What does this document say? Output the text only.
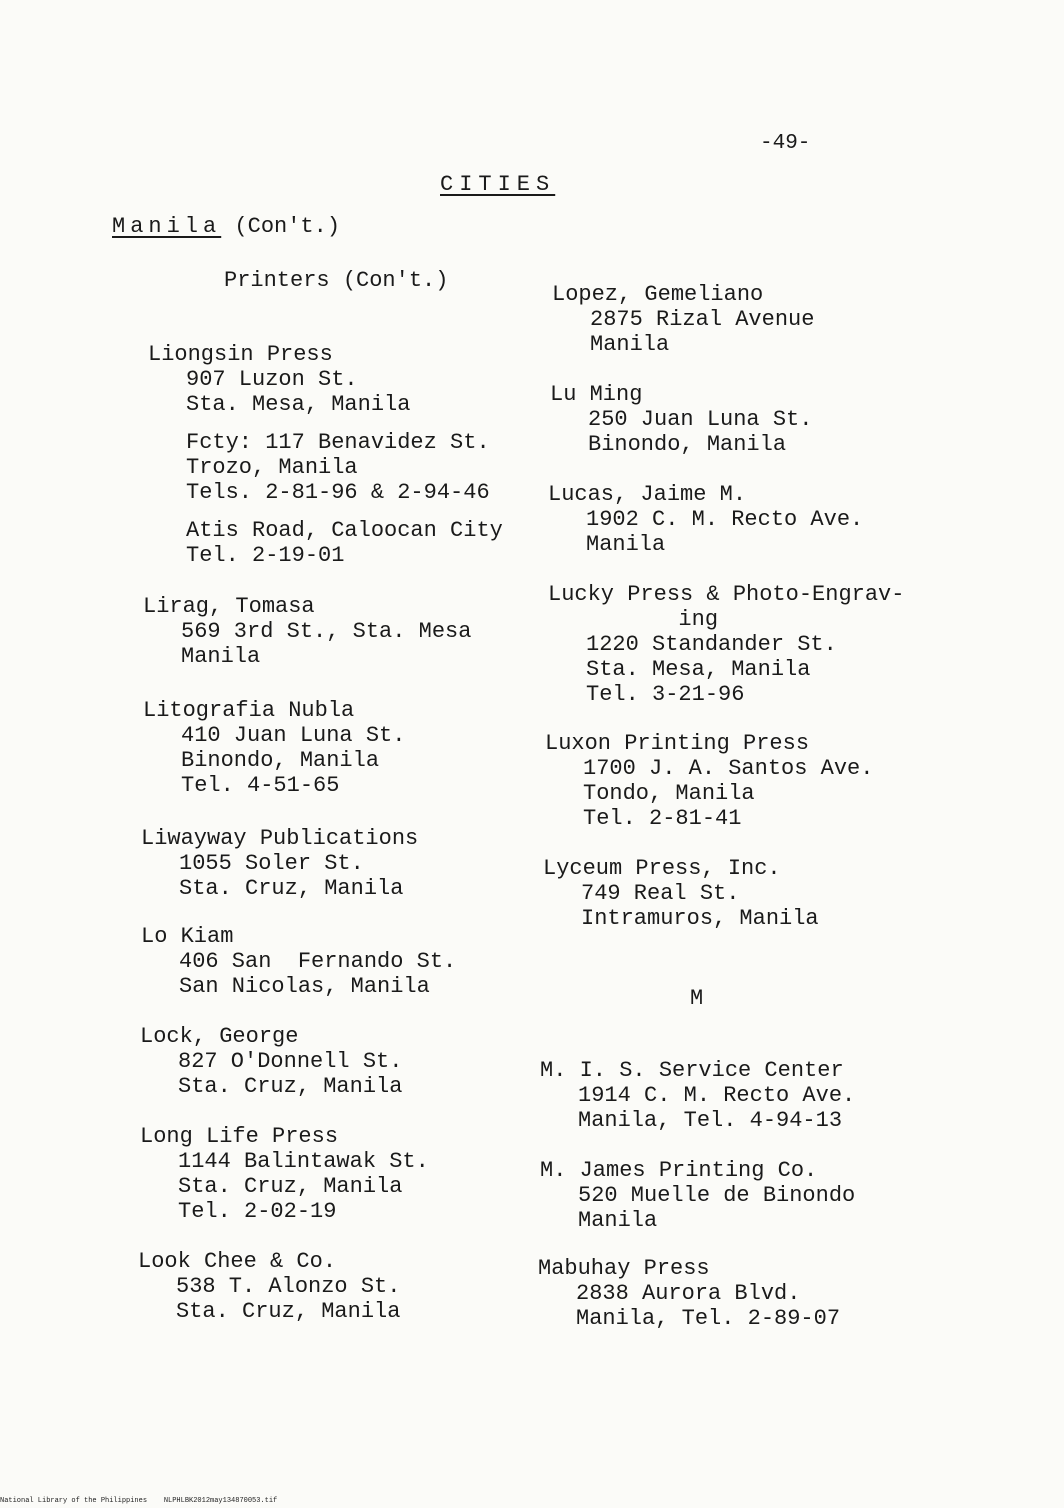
-49-
CITIES
Manila (Con't.)
Printers (Con't.)
Liongsin Press
907 Luzon St.
Sta. Mesa, Manila
Fcty: 117 Benavidez St.
Trozo, Manila
Tels. 2-81-96 & 2-94-46
Atis Road, Caloocan City
Tel. 2-19-01
Lirag, Tomasa
569 3rd St., Sta. Mesa
Manila
Litografia Nubla
410 Juan Luna St.
Binondo, Manila
Tel. 4-51-65
Liwayway Publications
1055 Soler St.
Sta. Cruz, Manila
Lo Kiam
406 San  Fernando St.
San Nicolas, Manila
Lock, George
827 O'Donnell St.
Sta. Cruz, Manila
Long Life Press
1144 Balintawak St.
Sta. Cruz, Manila
Tel. 2-02-19
Look Chee & Co.
538 T. Alonzo St.
Sta. Cruz, Manila
Lopez, Gemeliano
2875 Rizal Avenue
Manila
Lu Ming
250 Juan Luna St.
Binondo, Manila
Lucas, Jaime M.
1902 C. M. Recto Ave.
Manila
Lucky Press & Photo-Engrav-
ing
1220 Standander St.
Sta. Mesa, Manila
Tel. 3-21-96
Luxon Printing Press
1700 J. A. Santos Ave.
Tondo, Manila
Tel. 2-81-41
Lyceum Press, Inc.
749 Real St.
Intramuros, Manila
M
M. I. S. Service Center
1914 C. M. Recto Ave.
Manila, Tel. 4-94-13
M. James Printing Co.
520 Muelle de Binondo
Manila
Mabuhay Press
2838 Aurora Blvd.
Manila, Tel. 2-89-07
National Library of the Philippines    NLPHLBK2012may134870053.tif
